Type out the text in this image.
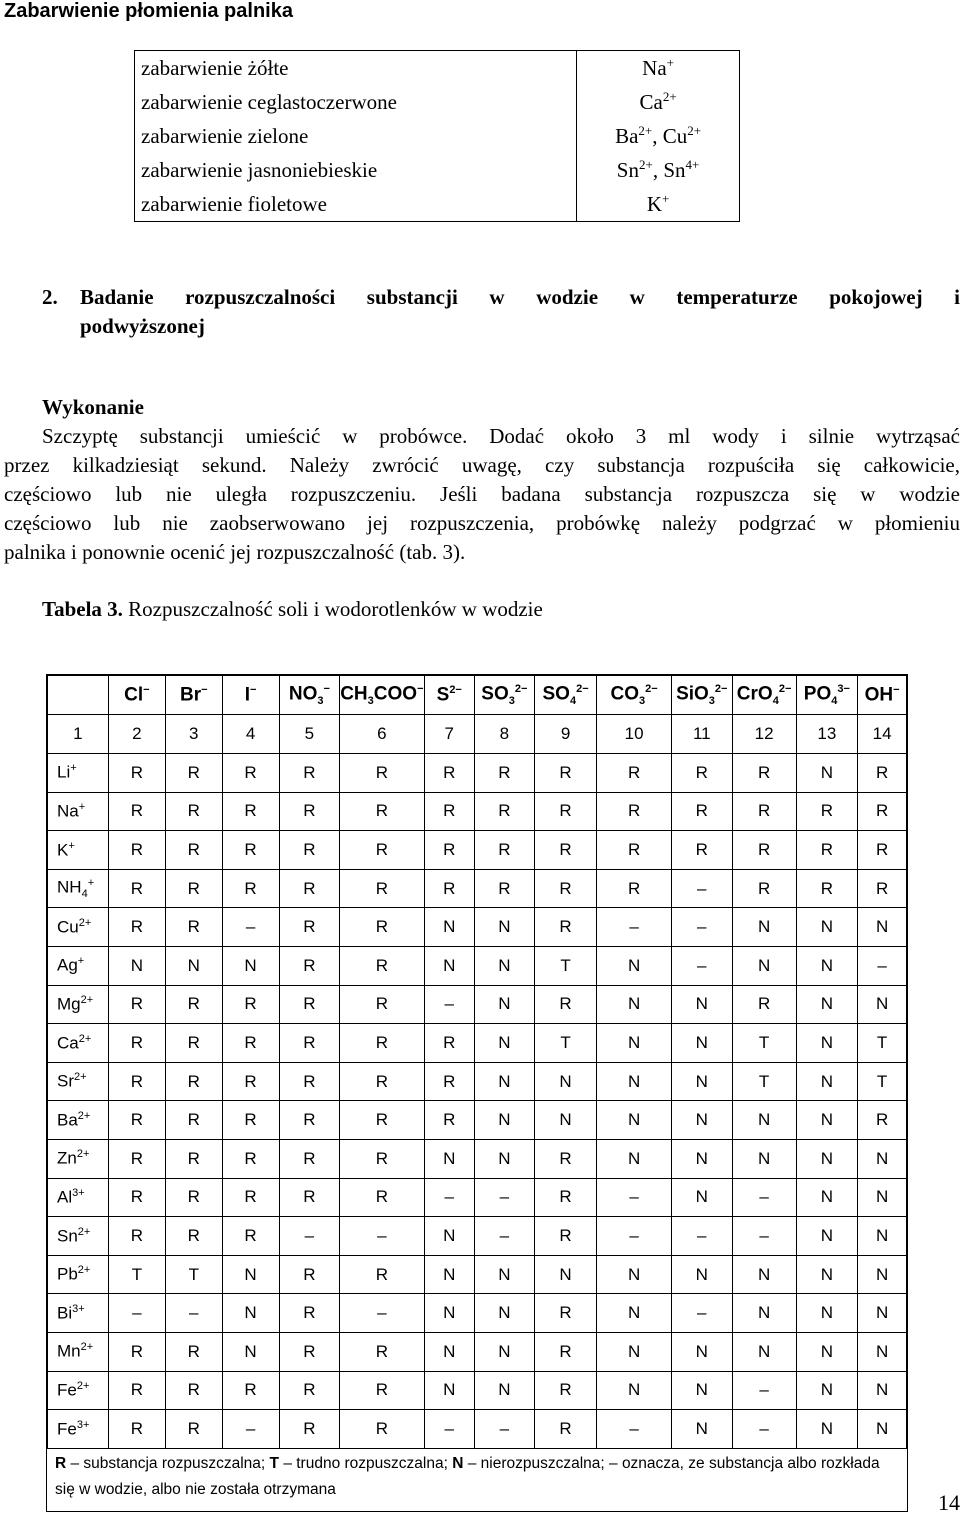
Zabarwienie płomienia palnika
zabarwienie żółte	Na+
zabarwienie ceglastoczerwone	$Ca^{2+}$
zabarwienie zielone	$Ba^{2+}$, $Cu^{2+}$
zabarwienie jasnoniebieskie	$Sn^{2+}$, $Sn^{4+}$
zabarwienie fioletowe	K+
2. Badanie rozpuszczalności substancji w wodzie w temperaturze pokojowej i
podwyższonej
Wykonanie
Szczyptę substancji umieścić w probówce. Dodać około 3 ml wody i silnie wytrząsać
przez kilkadziesiąt sekund. Należy zwrócić uwagę, czy substancja rozpuściła się całkowicie,
częściowo lub nie uległa rozpuszczeniu. Jeśli badana substancja rozpuszcza się w wodzie
częściowo lub nie zaobserwowano jej rozpuszczenia, probówkę należy podgrzać w płomieniu
palnika i ponownie ocenić jej rozpuszczalność (tab. 3).
Tabela 3. Rozpuszczalność soli i wodorotlenków w wodzie
	Cl−	Br−	I−	$NO_3^-$	$CH_3COO^-$	$S^{2-}$	$SO_3^{2-}$	$SO_4^{2-}$	$CO_3^{2-}$	SiO$_3^{2-}$	CrO$_4^{2-}$	$PO_4^{3-}$	OH−
1	2	3	4	5	6	7	8	9	10	11	12	13	14
Li+	R	R	R	R	R	R	R	R	R	R	R	N	R
Na+	R	R	R	R	R	R	R	R	R	R	R	R	R
K+	R	R	R	R	R	R	R	R	R	R	R	R	R
$NH_4^+$	R	R	R	R	R	R	R	R	R	–	R	R	R
$Cu^{2+}$	R	R	–	R	R	N	N	R	–	–	N	N	N
Ag+	N	N	N	R	R	N	N	T	N	–	N	N	–
$Mg^{2+}$	R	R	R	R	R	–	N	R	N	N	R	N	N
$Ca^{2+}$	R	R	R	R	R	R	N	T	N	N	T	N	T
$Sr^{2+}$	R	R	R	R	R	R	N	N	N	N	T	N	T
$Ba^{2+}$	R	R	R	R	R	R	N	N	N	N	N	N	R
$Zn^{2+}$	R	R	R	R	R	N	N	R	N	N	N	N	N
$Al^{3+}$	R	R	R	R	R	–	–	R	–	N	–	N	N
$Sn^{2+}$	R	R	R	–	–	N	–	R	–	–	–	N	N
$Pb^{2+}$	T	T	N	R	R	N	N	N	N	N	N	N	N
$Bi^{3+}$	–	–	N	R	–	N	N	R	N	–	N	N	N
$Mn^{2+}$	R	R	N	R	R	N	N	R	N	N	N	N	N
$Fe^{2+}$	R	R	R	R	R	N	N	R	N	N	–	N	N
$Fe^{3+}$	R	R	–	R	R	–	–	R	–	N	–	N	N
R – substancja rozpuszczalna; T – trudno rozpuszczalna; N – nierozpuszczalna; – oznacza, ze substancja albo rozkłada
się w wodzie, albo nie została otrzymana
14
